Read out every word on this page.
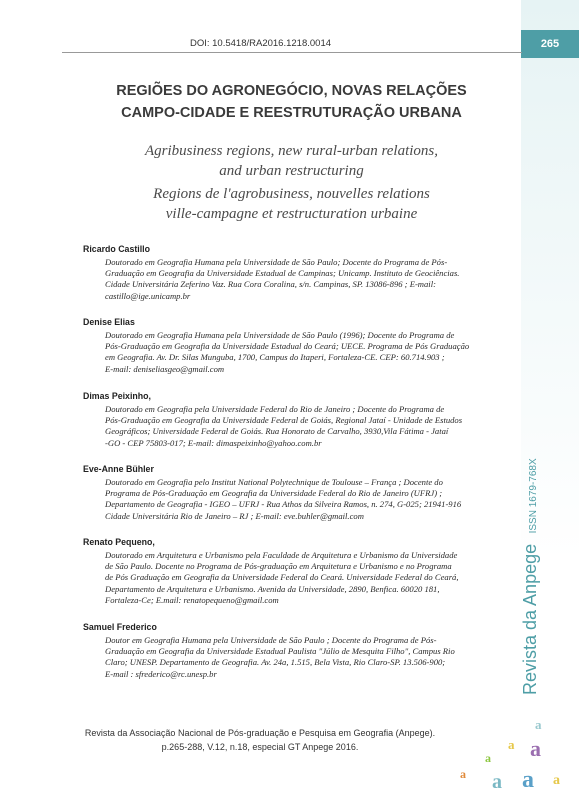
265
DOI: 10.5418/RA2016.1218.0014
REGIÕES DO AGRONEGÓCIO, NOVAS RELAÇÕES
CAMPO-CIDADE E REESTRUTURAÇÃO URBANA
Agribusiness regions, new rural-urban relations,
and urban restructuring
Regions de l'agrobusiness, nouvelles relations
ville-campagne et restructuration urbaine
Ricardo Castillo
Doutorado em Geografia Humana pela Universidade de São Paulo; Docente do Programa de Pós-
Graduação em Geografia da Universidade Estadual de Campinas; Unicamp. Instituto de Geociências.
Cidade Universitária Zeferino Vaz. Rua Cora Coralina, s/n. Campinas, SP. 13086-896 ; E-mail:
castillo@ige.unicamp.br
Denise Elias
Doutorado em Geografia Humana pela Universidade de São Paulo (1996); Docente do Programa de
Pós-Graduação em Geografia da Universidade Estadual do Ceará; UECE. Programa de Pós Graduação
em Geografia. Av. Dr. Silas Munguba, 1700, Campus do Itaperi, Fortaleza-CE. CEP: 60.714.903 ;
E-mail: deniseliasgeo@gmail.com
Dimas Peixinho,
Doutorado em Geografia pela Universidade Federal do Rio de Janeiro ; Docente do Programa de
Pós-Graduação em Geografia da Universidade Federal de Goiás, Regional Jataí - Unidade de Estudos
Geográficos; Universidade Federal de Goiás. Rua Honorato de Carvalho, 3930,Vila Fátima - Jataí
-GO - CEP 75803-017; E-mail: dimaspeixinho@yahoo.com.br
Eve-Anne Bühler
Doutorado em Geografia pelo Institut National Polytechnique de Toulouse – França ; Docente do
Programa de Pós-Graduação em Geografia da Universidade Federal do Rio de Janeiro (UFRJ) ;
Departamento de Geografia - IGEO – UFRJ - Rua Athos da Silveira Ramos, n. 274, G-025; 21941-916
Cidade Universitária Rio de Janeiro – RJ ; E-mail: eve.buhler@gmail.com
Renato Pequeno,
Doutorado em Arquitetura e Urbanismo pela Faculdade de Arquitetura e Urbanismo da Universidade
de São Paulo. Docente no Programa de Pós-graduação em Arquitetura e Urbanismo e no Programa
de Pós Graduação em Geografia da Universidade Federal do Ceará. Universidade Federal do Ceará,
Departamento de Arquitetura e Urbanismo. Avenida da Universidade, 2890, Benfica. 60020 181,
Fortaleza-Ce; E.mail: renatopequeno@gmail.com
Samuel Frederico
Doutor em Geografia Humana pela Universidade de São Paulo ; Docente do Programa de Pós-
Graduação em Geografia da Universidade Estadual Paulista "Júlio de Mesquita Filho", Campus Rio
Claro; UNESP. Departamento de Geografia. Av. 24a, 1.515, Bela Vista, Rio Claro-SP. 13.506-900;
E-mail : sfrederico@rc.unesp.br	Revista da Anpege ISSN 1679-768X
Revista da Associação Nacional de Pós-graduação e Pesquisa em Geografia (Anpege).
p.265-288, V.12, n.18, especial GT Anpege 2016.
a
a
a a
a a a a
